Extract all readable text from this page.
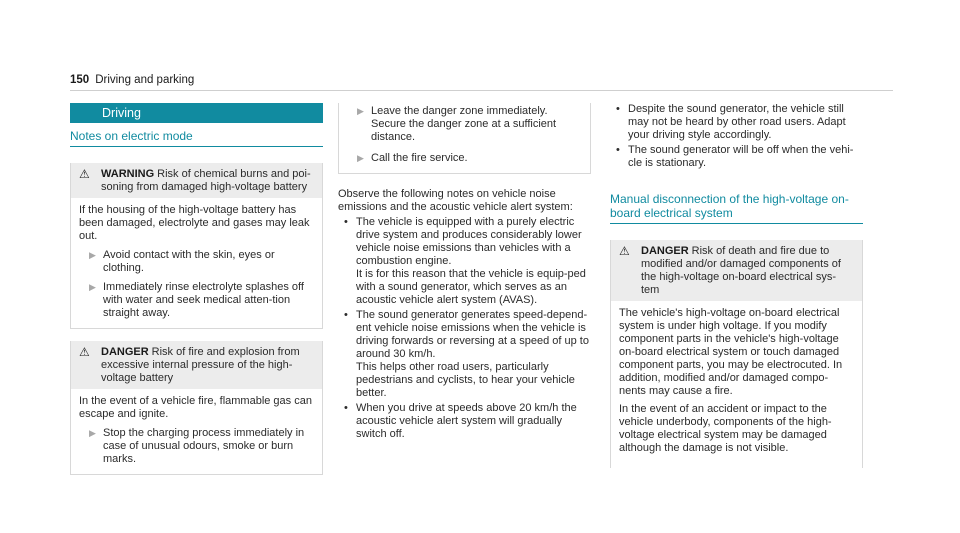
150 Driving and parking
Driving
Notes on electric mode
⚠	WARNING Risk of chemical burns and poi-soning from damaged high-voltage battery

If the housing of the high-voltage battery has been damaged, electrolyte and gases may leak out.

▶ Avoid contact with the skin, eyes or clothing.
▶ Immediately rinse electrolyte splashes off with water and seek medical atten-tion straight away.
⚠	DANGER Risk of fire and explosion from excessive internal pressure of the high-voltage battery

In the event of a vehicle fire, flammable gas can escape and ignite.

▶ Stop the charging process immediately in case of unusual odours, smoke or burn marks.
▶ Leave the danger zone immediately. Secure the danger zone at a sufficient distance.
▶ Call the fire service.
Observe the following notes on vehicle noise emissions and the acoustic vehicle alert system:
• The vehicle is equipped with a purely electric drive system and produces considerably lower vehicle noise emissions than vehicles with a combustion engine.

It is for this reason that the vehicle is equip-ped with a sound generator, which serves as an acoustic vehicle alert system (AVAS).

• The sound generator generates speed-depend-ent vehicle noise emissions when the vehicle is driving forwards or reversing at a speed of up to around 30 km/h.

This helps other road users, particularly pedestrians and cyclists, to hear your vehicle better.

• When you drive at speeds above 20 km/h the acoustic vehicle alert system will gradually switch off.

• Despite the sound generator, the vehicle still may not be heard by other road users. Adapt your driving style accordingly.
• The sound generator will be off when the vehi-cle is stationary.
Manual disconnection of the high-voltage on-board electrical system
⚠	DANGER Risk of death and fire due to modified and/or damaged components of the high-voltage on-board electrical sys-tem

The vehicle's high-voltage on-board electrical system is under high voltage. If you modify component parts in the vehicle's high-voltage on-board electrical system or touch damaged component parts, you may be electrocuted. In addition, modified and/or damaged compo-nents may cause a fire.

In the event of an accident or impact to the vehicle underbody, components of the high-voltage electrical system may be damaged although the damage is not visible.
